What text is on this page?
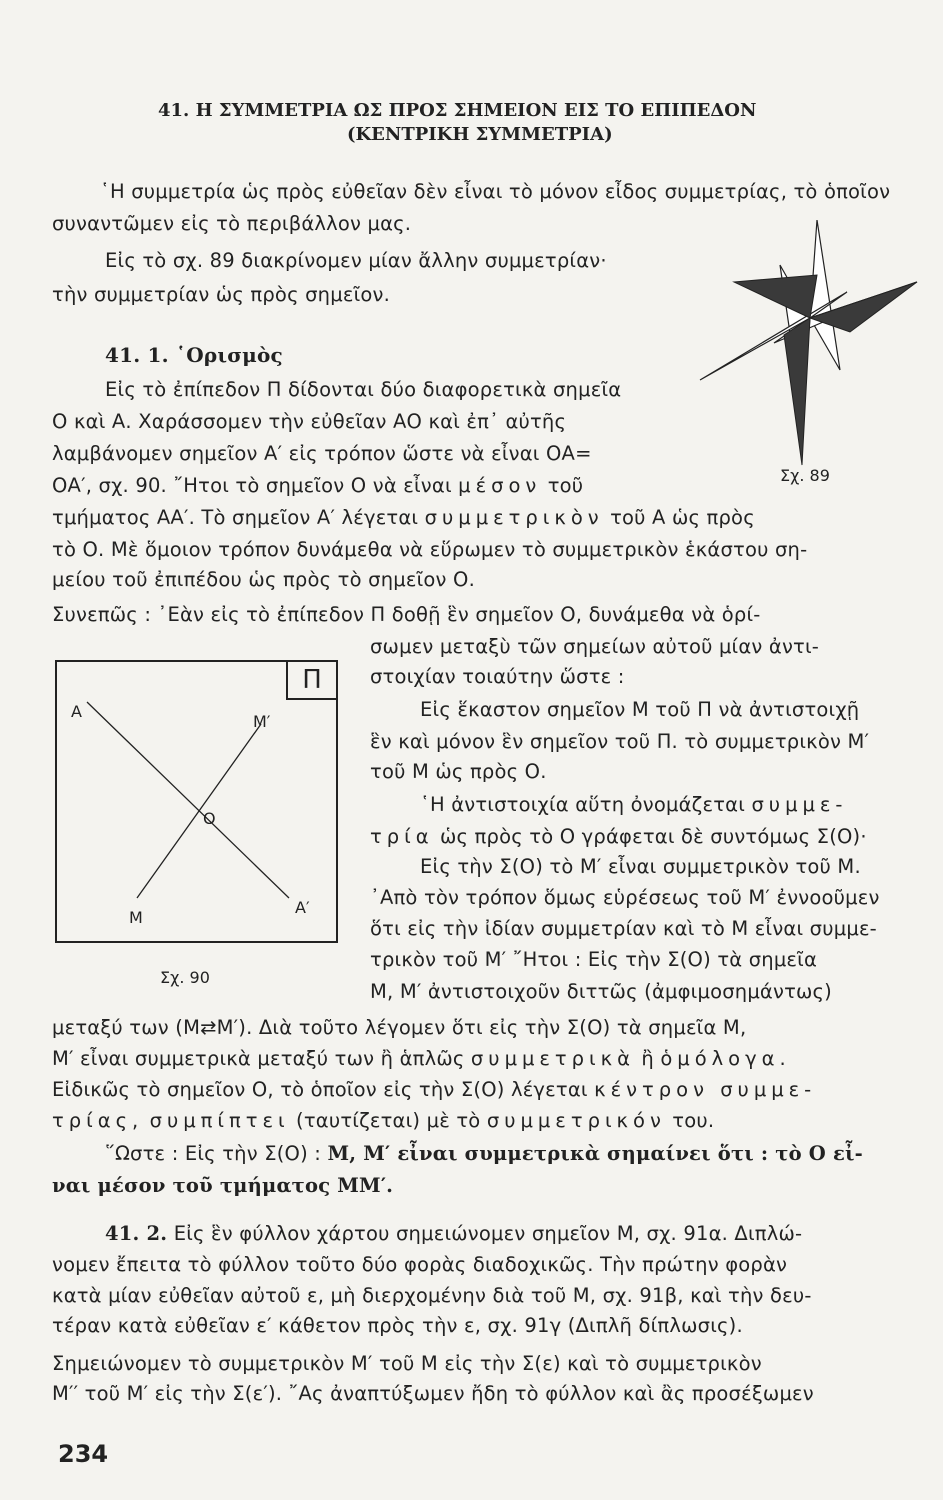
41. Η ΣΥΜΜΕΤΡΙΑ ΩΣ ΠΡΟΣ ΣΗΜΕΙΟΝ ΕΙΣ ΤΟ ΕΠΙΠΕΔΟΝ
(ΚΕΝΤΡΙΚΗ ΣΥΜΜΕΤΡΙΑ)
῾Η συμμετρία ὡς πρὸς εὐθεῖαν δὲν εἶναι τὸ μόνον εἶδος συμμετρίας, τὸ ὁποῖον
συναντῶμεν εἰς τὸ περιβάλλον μας.
Εἰς τὸ σχ. 89 διακρίνομεν μίαν ἄλλην συμμετρίαν·
τὴν συμμετρίαν ὡς πρὸς σημεῖον.
Σχ. 89
41. 1. ῾Ορισμὸς
Εἰς τὸ ἐπίπεδον Π δίδονται δύο διαφορετικὰ σημεῖα
Ο καὶ Α. Χαράσσομεν τὴν εὐθεῖαν ΑΟ καὶ ἐπ᾽ αὐτῆς
λαμβάνομεν σημεῖον Α′ εἰς τρόπον ὥστε νὰ εἶναι ΟΑ=
ΟΑ′, σχ. 90. ῎Ητοι τὸ σημεῖον Ο νὰ εἶναι μέσον τοῦ
τμήματος ΑΑ′. Τὸ σημεῖον Α′ λέγεται συμμετρικὸν τοῦ Α ὡς πρὸς
τὸ Ο. Μὲ ὅμοιον τρόπον δυνάμεθα νὰ εὕρωμεν τὸ συμμετρικὸν ἑκάστου ση-
μείου τοῦ ἐπιπέδου ὡς πρὸς τὸ σημεῖον Ο.
Συνεπῶς : ᾽Εὰν εἰς τὸ ἐπίπεδον Π δοθῇ ἓν σημεῖον Ο, δυνάμεθα νὰ ὁρί-
σωμεν μεταξὺ τῶν σημείων αὐτοῦ μίαν ἀντι-
στοιχίαν τοιαύτην ὥστε :
Εἰς ἕκαστον σημεῖον Μ τοῦ Π νὰ ἀντιστοιχῇ
ἓν καὶ μόνον ἓν σημεῖον τοῦ Π. τὸ συμμετρικὸν Μ′
τοῦ Μ ὡς πρὸς Ο.
Π
Α
Μ′
Ο
Μ
Α′
Σχ. 90
῾Η ἀντιστοιχία αὕτη ὀνομάζεται συμμε-
τρία ὡς πρὸς τὸ Ο γράφεται δὲ συντόμως Σ(Ο)·
Εἰς τὴν Σ(Ο) τὸ Μ′ εἶναι συμμετρικὸν τοῦ Μ.
᾽Απὸ τὸν τρόπον ὅμως εὑρέσεως τοῦ Μ′ ἐννοοῦμεν
ὅτι εἰς τὴν ἰδίαν συμμετρίαν καὶ τὸ Μ εἶναι συμμε-
τρικὸν τοῦ Μ′ ῎Ητοι : Εἰς τὴν Σ(Ο) τὰ σημεῖα
Μ, Μ′ ἀντιστοιχοῦν διττῶς (ἀμφιμοσημάντως)
μεταξύ των (Μ⇄Μ′). Διὰ τοῦτο λέγομεν ὅτι εἰς τὴν Σ(Ο) τὰ σημεῖα Μ,
Μ′ εἶναι συμμετρικὰ μεταξύ των ἢ ἁπλῶς συμμετρικὰ ἢ ὁμόλογα.
Εἰδικῶς τὸ σημεῖον Ο, τὸ ὁποῖον εἰς τὴν Σ(Ο) λέγεται κέντρον συμμε-
τρίας, συμπίπτει (ταυτίζεται) μὲ τὸ συμμετρικόν του.
῞Ωστε : Εἰς τὴν Σ(Ο) : Μ, Μ′ εἶναι συμμετρικὰ σημαίνει ὅτι : τὸ Ο εἶ-
ναι μέσον τοῦ τμήματος ΜΜ′.
41. 2. Εἰς ἓν φύλλον χάρτου σημειώνομεν σημεῖον Μ, σχ. 91α. Διπλώ-
νομεν ἔπειτα τὸ φύλλον τοῦτο δύο φορὰς διαδοχικῶς. Τὴν πρώτην φορὰν
κατὰ μίαν εὐθεῖαν αὐτοῦ ε, μὴ διερχομένην διὰ τοῦ Μ, σχ. 91β, καὶ τὴν δευ-
τέραν κατὰ εὐθεῖαν ε′ κάθετον πρὸς τὴν ε, σχ. 91γ (Διπλῆ δίπλωσις).
Σημειώνομεν τὸ συμμετρικὸν Μ′ τοῦ Μ εἰς τὴν Σ(ε) καὶ τὸ συμμετρικὸν
Μ′′ τοῦ Μ′ εἰς τὴν Σ(ε′). ῎Ας ἀναπτύξωμεν ἤδη τὸ φύλλον καὶ ἂς προσέξωμεν
234
